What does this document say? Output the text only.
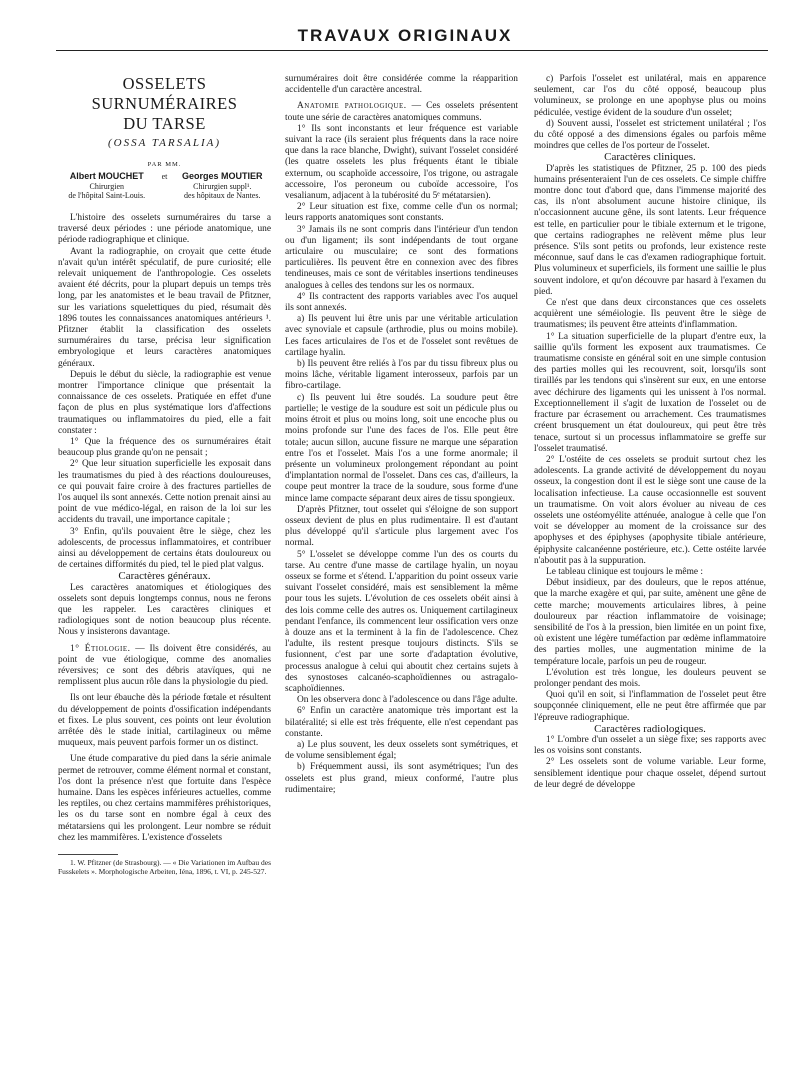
TRAVAUX ORIGINAUX
OSSELETS SURNUMÉRAIRES
DU TARSE
(OSSA TARSALIA)
PAR MM.
Albert MOUCHET
Chirurgien
de l'hôpital Saint-Louis.
et	Georges MOUTIER
Chirurgien suppl¹.
des hôpitaux de Nantes.

L'histoire des osselets surnuméraires du tarse a traversé deux périodes : une période anatomique, une période radiographique et clinique.

Avant la radiographie, on croyait que cette étude n'avait qu'un intérêt spéculatif, de pure curiosité; elle relevait uniquement de l'anthropologie. Ces osselets avaient été décrits, pour la plupart depuis un temps très long, par les anatomistes et le beau travail de Pfitzner, sur les variations squelettiques du pied, résumait dès 1896 toutes les connaissances anatomiques antérieurs ¹. Pfitzner établit la classification des osselets surnuméraires du tarse, précisa leur signification embryologique et leurs caractères anatomiques généraux.

Depuis le début du siècle, la radiographie est venue montrer l'importance clinique que présentait la connaissance de ces osselets. Pratiquée en effet d'une façon de plus en plus systématique lors d'affections traumatiques ou inflammatoires du pied, elle a fait constater :

1° Que la fréquence des os surnuméraires était beaucoup plus grande qu'on ne pensait ;

2° Que leur situation superficielle les exposait dans les traumatismes du pied à des réactions douloureuses, ce qui pouvait faire croire à des fractures partielles de l'os auquel ils sont annexés. Cette notion prenait ainsi au point de vue médico-légal, en raison de la loi sur les accidents du travail, une importance capitale ;

3° Enfin, qu'ils pouvaient être le siège, chez les adolescents, de processus inflammatoires, et contribuer ainsi au développement de certains états douloureux ou de certaines difformités du pied, tel le pied plat valgus.

Caractères généraux.

Les caractères anatomiques et étiologiques des osselets sont depuis longtemps connus, nous ne ferons que les rappeler. Les caractères cliniques et radiologiques sont de notion beaucoup plus récente. Nous y insisterons davantage.

1° Étiologie. — Ils doivent être considérés, au point de vue étiologique, comme des anomalies réversives; ce sont des débris atavïques, qui ne remplissent plus aucun rôle dans la physiologie du pied.

Ils ont leur ébauche dès la période fœtale et résultent du développement de points d'ossification indépendants et fixes. Le plus souvent, ces points ont leur évolution arrêtée dès le stade initial, cartilagineux ou même muqueux, mais peuvent parfois former un os distinct.

Une étude comparative du pied dans la série animale permet de retrouver, comme élément normal et constant, l'os dont la présence n'est que fortuite dans l'espèce humaine. Dans les espèces inférieures actuelles, comme les reptiles, ou chez certains mammifères préhistoriques, les os du tarse sont en nombre égal à ceux des métatarsiens qui les prolongent. Leur nombre se réduit chez les mammifères. L'existence d'osselets

1. W. Pfitzner (de Strasbourg). — « Die Variationen im Aufbau des Fusskelets ». Morphologische Arbeiten, Iéna, 1896, t. VI, p. 245-527.

surnuméraires doit être considérée comme la réapparition accidentelle d'un caractère ancestral.

Anatomie pathologique. — Ces osselets présentent toute une série de caractères anatomiques communs.

1° Ils sont inconstants et leur fréquence est variable suivant la race (ils seraient plus fréquents dans la race noire que dans la race blanche, Dwight), suivant l'osselet considéré (les quatre osselets les plus fréquents étant le tibiale externum, ou scaphoïde accessoire, l'os trigone, ou astragale accessoire, l'os peroneum ou cuboïde accessoire, l'os vesalianum, adjacent à la tubérosité du 5ᵉ métatarsien).

2° Leur situation est fixe, comme celle d'un os normal; leurs rapports anatomiques sont constants.

3° Jamais ils ne sont compris dans l'intérieur d'un tendon ou d'un ligament; ils sont indépendants de tout organe articulaire ou musculaire; ce sont des formations particulières. Ils peuvent être en connexion avec des fibres tendineuses, mais ce sont de véritables insertions tendineuses analogues à celles des tendons sur les os normaux.

4° Ils contractent des rapports variables avec l'os auquel ils sont annexés.

a) Ils peuvent lui être unis par une véritable articulation avec synoviale et capsule (arthrodie, plus ou moins mobile). Les faces articulaires de l'os et de l'osselet sont revêtues de cartilage hyalin.

b) Ils peuvent être reliés à l'os par du tissu fibreux plus ou moins lâche, véritable ligament interosseux, parfois par un fibro-cartilage.

c) Ils peuvent lui être soudés. La soudure peut être partielle; le vestige de la soudure est soit un pédicule plus ou moins étroit et plus ou moins long, soit une encoche plus ou moins profonde sur l'une des faces de l'os. Elle peut être totale; aucun sillon, aucune fissure ne marque une séparation entre l'os et l'osselet. Mais l'os a une forme anormale; il présente un volumineux prolongement répondant au point d'implantation normal de l'osselet. Dans ces cas, d'ailleurs, la coupe peut montrer la trace de la soudure, sous forme d'une mince lame compacte séparant deux aires de tissu spongieux.

D'après Pfitzner, tout osselet qui s'éloigne de son support osseux devient de plus en plus rudimentaire. Il est d'autant plus développé qu'il s'articule plus largement avec l'os normal.

5° L'osselet se développe comme l'un des os courts du tarse. Au centre d'une masse de cartilage hyalin, un noyau osseux se forme et s'étend. L'apparition du point osseux varie suivant l'osselet considéré, mais est sensiblement la même pour tous les sujets. L'évolution de ces osselets obéit ainsi à des lois comme celle des autres os. Uniquement cartilagineux pendant l'enfance, ils commencent leur ossification vers onze à douze ans et la terminent à la fin de l'adolescence. Chez l'adulte, ils restent presque toujours distincts. S'ils se fusionnent, c'est par une sorte d'adaptation évolutive, processus analogue à celui qui aboutit chez certains sujets à des synostoses calcanéo-scaphoïdiennes ou astragalo-scaphoïdiennes.

On les observera donc à l'adolescence ou dans l'âge adulte.

6° Enfin un caractère anatomique très important est la bilatéralité; si elle est très fréquente, elle n'est cependant pas constante.

a) Le plus souvent, les deux osselets sont symétriques, et de volume sensiblement égal;

b) Fréquemment aussi, ils sont asymétriques; l'un des osselets est plus grand, mieux conformé, l'autre plus rudimentaire;

c) Parfois l'osselet est unilatéral, mais en apparence seulement, car l'os du côté opposé, beaucoup plus volumineux, se prolonge en une apophyse plus ou moins pédiculée, vestige évident de la soudure d'un osselet;

d) Souvent aussi, l'osselet est strictement unilatéral ; l'os du côté opposé a des dimensions égales ou parfois même moindres que celles de l'os porteur de l'osselet.

Caractères cliniques.

D'après les statistiques de Pfitzner, 25 p. 100 des pieds humains présenteraient l'un de ces osselets. Ce simple chiffre montre donc tout d'abord que, dans l'immense majorité des cas, ils n'ont absolument aucune histoire clinique, ils n'occasionnent aucune gêne, ils sont latents. Leur fréquence est telle, en particulier pour le tibiale externum et le trigone, que certains radiographes ne relèvent même plus leur présence. S'ils sont petits ou profonds, leur existence reste méconnue, sauf dans le cas d'examen radiographique fortuit. Plus volumineux et superficiels, ils forment une saillie le plus souvent indolore, et qu'on découvre par hasard à l'examen du pied.

Ce n'est que dans deux circonstances que ces osselets acquièrent une séméiologie. Ils peuvent être le siège de traumatismes; ils peuvent être atteints d'inflammation.

1° La situation superficielle de la plupart d'entre eux, la saillie qu'ils forment les exposent aux traumatismes. Ce traumatisme consiste en général soit en une simple contusion des parties molles qui les recouvrent, soit, lorsqu'ils sont tiraillés par les tendons qui s'insèrent sur eux, en une entorse avec déchirure des ligaments qui les unissent à l'os normal. Exceptionnellement il s'agit de luxation de l'osselet ou de fracture par écrasement ou arrachement. Ces traumatismes créent brusquement un état douloureux, qui peut être très tenace, surtout si un processus inflammatoire se greffe sur l'osselet traumatisé.

2° L'ostéite de ces osselets se produit surtout chez les adolescents. La grande activité de développement du noyau osseux, la congestion dont il est le siège sont une cause de la localisation infectieuse. La cause occasionnelle est souvent un traumatisme. On voit alors évoluer au niveau de ces osselets une ostéomyélite atténuée, analogue à celle que l'on voit se développer au moment de la croissance sur des apophyses et des épiphyses (apophysite tibiale antérieure, épiphysite calcanéenne postérieure, etc.). Cette ostéite larvée n'aboutit pas à la suppuration.

Le tableau clinique est toujours le même :

Début insidieux, par des douleurs, que le repos atténue, que la marche exagère et qui, par suite, amènent une gêne de cette marche; mouvements articulaires libres, à peine douloureux par réaction inflammatoire de voisinage; sensibilité de l'os à la pression, bien limitée en un point fixe, où existent une légère tuméfaction par œdème inflammatoire des parties molles, une augmentation minime de la température locale, parfois un peu de rougeur.

L'évolution est très longue, les douleurs peuvent se prolonger pendant des mois.

Quoi qu'il en soit, si l'inflammation de l'osselet peut être soupçonnée cliniquement, elle ne peut être affirmée que par l'épreuve radiographique.

Caractères radiologiques.

1° L'ombre d'un osselet a un siège fixe; ses rapports avec les os voisins sont constants.

2° Les osselets sont de volume variable. Leur forme, sensiblement identique pour chaque osselet, dépend surtout de leur degré de développe
